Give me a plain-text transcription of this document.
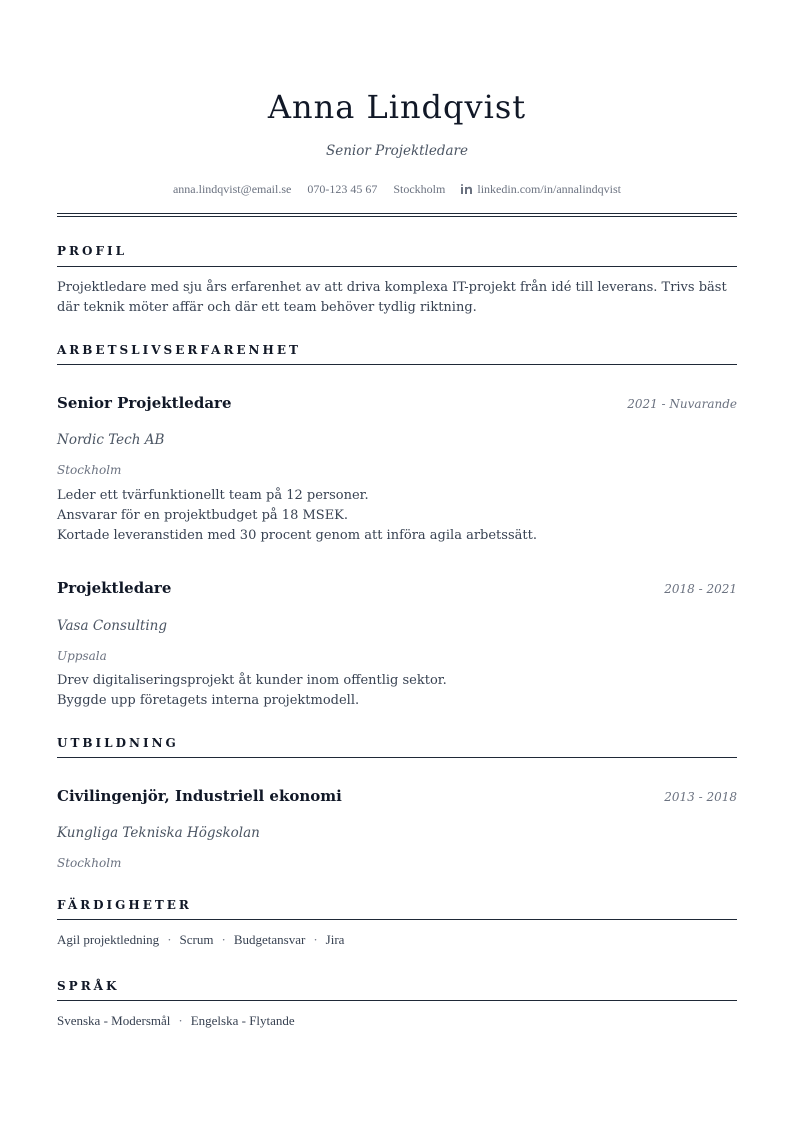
Anna Lindqvist
Senior Projektledare
anna.lindqvist@email.se 070-123 45 67 Stockholm	linkedin.com/in/annalindqvist
PROFIL
Projektledare med sju års erfarenhet av att driva komplexa IT-projekt från idé till leverans. Trivs bäst där teknik möter affär och där ett team behöver tydlig riktning.
ARBETSLIVSERFARENHET
Senior Projektledare	2021 - Nuvarande
Nordic Tech AB
Stockholm
Leder ett tvärfunktionellt team på 12 personer.
Ansvarar för en projektbudget på 18 MSEK.
Kortade leveranstiden med 30 procent genom att införa agila arbetssätt.
Projektledare	2018 - 2021
Vasa Consulting
Uppsala
Drev digitaliseringsprojekt åt kunder inom offentlig sektor.
Byggde upp företagets interna projektmodell.
UTBILDNING
Civilingenjör, Industriell ekonomi	2013 - 2018
Kungliga Tekniska Högskolan
Stockholm
FÄRDIGHETER
Agil projektledning · Scrum · Budgetansvar · Jira
SPRÅK
Svenska - Modersmål · Engelska - Flytande
